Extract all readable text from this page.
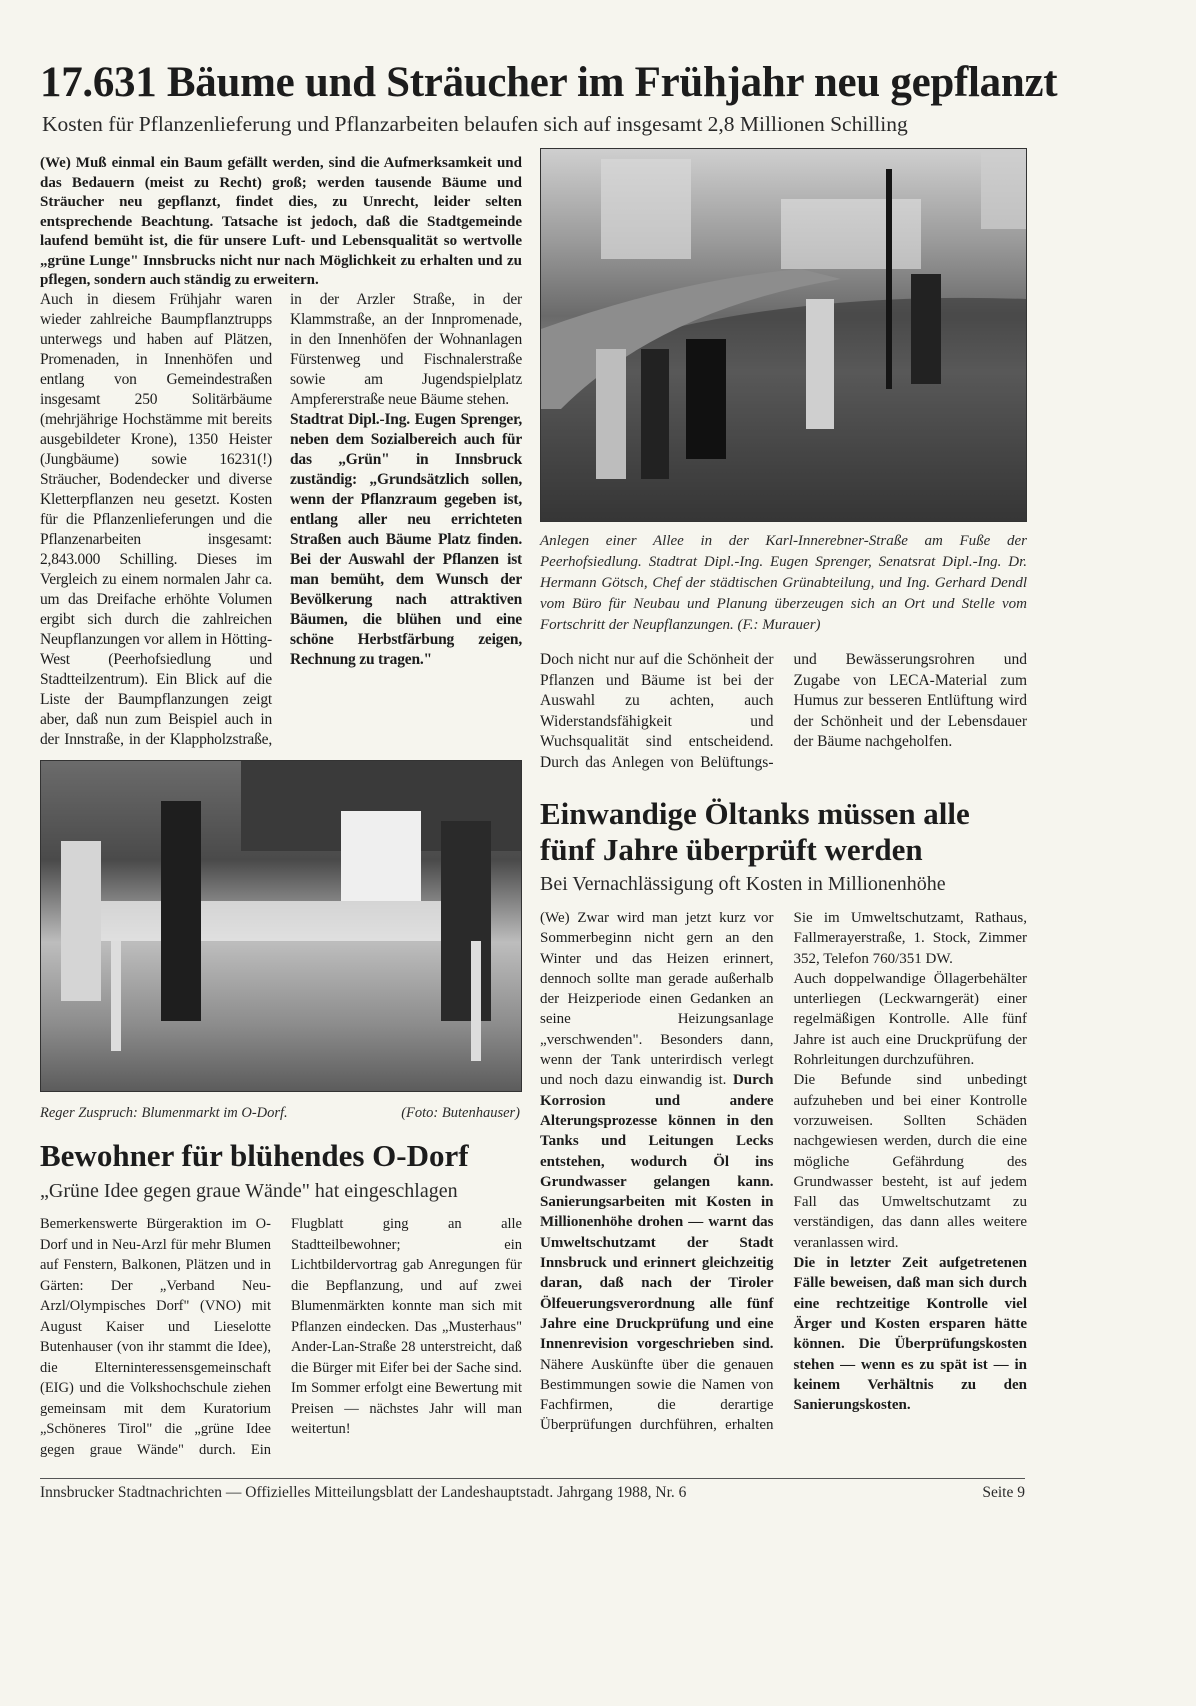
17.631 Bäume und Sträucher im Frühjahr neu gepflanzt
Kosten für Pflanzenlieferung und Pflanzarbeiten belaufen sich auf insgesamt 2,8 Millionen Schilling
(We) Muß einmal ein Baum gefällt werden, sind die Aufmerksamkeit und das Bedauern (meist zu Recht) groß; werden tausende Bäume und Sträucher neu gepflanzt, findet dies, zu Unrecht, leider selten entsprechende Beachtung. Tatsache ist jedoch, daß die Stadtgemeinde laufend bemüht ist, die für unsere Luft- und Lebensqualität so wertvolle „grüne Lunge" Innsbrucks nicht nur nach Möglichkeit zu erhalten und zu pflegen, sondern auch ständig zu erweitern.

Auch in diesem Frühjahr waren wieder zahlreiche Baumpflanztrupps unterwegs und haben auf Plätzen, Promenaden, in Innenhöfen und entlang von Gemeindestraßen insgesamt 250 Solitärbäume (mehrjährige Hochstämme mit bereits ausgebildeter Krone), 1350 Heister (Jungbäume) sowie 16231(!) Sträucher, Bodendecker und diverse Kletterpflanzen neu gesetzt. Kosten für die Pflanzenlieferungen und die Pflanzenarbeiten insgesamt: 2,843.000 Schilling. Dieses im Vergleich zu einem normalen Jahr ca. um das Dreifache erhöhte Volumen ergibt sich durch die zahlreichen Neupflanzungen vor allem in Hötting-West (Peerhofsiedlung und Stadtteilzentrum). Ein Blick auf die Liste der Baumpflanzungen zeigt aber, daß nun zum Beispiel auch in der Innstraße, in der Klappholzstraße, in der Arzler Straße, in der Klammstraße, an der Innpromenade, in den Innenhöfen der Wohnanlagen Fürstenweg und Fischnalerstraße sowie am Jugendspielplatz Ampfererstraße neue Bäume stehen.

Stadtrat Dipl.-Ing. Eugen Sprenger, neben dem Sozialbereich auch für das „Grün" in Innsbruck zuständig: „Grundsätzlich sollen, wenn der Pflanzraum gegeben ist, entlang aller neu errichteten Straßen auch Bäume Platz finden. Bei der Auswahl der Pflanzen ist man bemüht, dem Wunsch der Bevölkerung nach attraktiven Bäumen, die blühen und eine schöne Herbstfärbung zeigen, Rechnung zu tragen."

Anlegen einer Allee in der Karl-Innerebner-Straße am Fuße der Peerhofsiedlung. Stadtrat Dipl.-Ing. Eugen Sprenger, Senatsrat Dipl.-Ing. Dr. Hermann Götsch, Chef der städtischen Grünabteilung, und Ing. Gerhard Dendl vom Büro für Neubau und Planung überzeugen sich an Ort und Stelle vom Fortschritt der Neupflanzungen. (F.: Murauer)

Doch nicht nur auf die Schönheit der Pflanzen und Bäume ist bei der Auswahl zu achten, auch Widerstandsfähigkeit und Wuchsqualität sind entscheidend. Durch das Anlegen von Belüftungs- und Bewässerungsrohren und Zugabe von LECA-Material zum Humus zur besseren Entlüftung wird der Schönheit und der Lebensdauer der Bäume nachgeholfen.

Reger Zuspruch: Blumenmarkt im O-Dorf.	(Foto: Butenhauser)
Bewohner für blühendes O-Dorf
„Grüne Idee gegen graue Wände" hat eingeschlagen

Bemerkenswerte Bürgeraktion im O-Dorf und in Neu-Arzl für mehr Blumen auf Fenstern, Balkonen, Plätzen und in Gärten: Der „Verband Neu-Arzl/Olympisches Dorf" (VNO) mit August Kaiser und Lieselotte Butenhauser (von ihr stammt die Idee), die Elterninteressensgemeinschaft (EIG) und die Volkshochschule ziehen gemeinsam mit dem Kuratorium „Schöneres Tirol" die „grüne Idee gegen graue Wände" durch. Ein Flugblatt ging an alle Stadtteilbewohner; ein Lichtbildervortrag gab Anregungen für die Bepflanzung, und auf zwei Blumenmärkten konnte man sich mit Pflanzen eindecken. Das „Musterhaus" Ander-Lan-Straße 28 unterstreicht, daß die Bürger mit Eifer bei der Sache sind. Im Sommer erfolgt eine Bewertung mit Preisen — nächstes Jahr will man weitertun!

Einwandige Öltanks müssen alle fünf Jahre überprüft werden
Bei Vernachlässigung oft Kosten in Millionenhöhe

(We) Zwar wird man jetzt kurz vor Sommerbeginn nicht gern an den Winter und das Heizen erinnert, dennoch sollte man gerade außerhalb der Heizperiode einen Gedanken an seine Heizungsanlage „verschwenden". Besonders dann, wenn der Tank unterirdisch verlegt und noch dazu einwandig ist. Durch Korrosion und andere Alterungsprozesse können in den Tanks und Leitungen Lecks entstehen, wodurch Öl ins Grundwasser gelangen kann. Sanierungsarbeiten mit Kosten in Millionenhöhe drohen — warnt das Umweltschutzamt der Stadt Innsbruck und erinnert gleichzeitig daran, daß nach der Tiroler Ölfeuerungsverordnung alle fünf Jahre eine Druckprüfung und eine Innenrevision vorgeschrieben sind. Nähere Auskünfte über die genauen Bestimmungen sowie die Namen von Fachfirmen, die derartige Überprüfungen durchführen, erhalten Sie im Umweltschutzamt, Rathaus, Fallmerayerstraße, 1. Stock, Zimmer 352, Telefon 760/351 DW.

Auch doppelwandige Öllagerbehälter unterliegen (Leckwarngerät) einer regelmäßigen Kontrolle. Alle fünf Jahre ist auch eine Druckprüfung der Rohrleitungen durchzuführen.

Die Befunde sind unbedingt aufzuheben und bei einer Kontrolle vorzuweisen. Sollten Schäden nachgewiesen werden, durch die eine mögliche Gefährdung des Grundwasser besteht, ist auf jedem Fall das Umweltschutzamt zu verständigen, das dann alles weitere veranlassen wird.

Die in letzter Zeit aufgetretenen Fälle beweisen, daß man sich durch eine rechtzeitige Kontrolle viel Ärger und Kosten ersparen hätte können. Die Überprüfungskosten stehen — wenn es zu spät ist — in keinem Verhältnis zu den Sanierungskosten.

Innsbrucker Stadtnachrichten — Offizielles Mitteilungsblatt der Landeshauptstadt. Jahrgang 1988, Nr. 6	Seite 9
